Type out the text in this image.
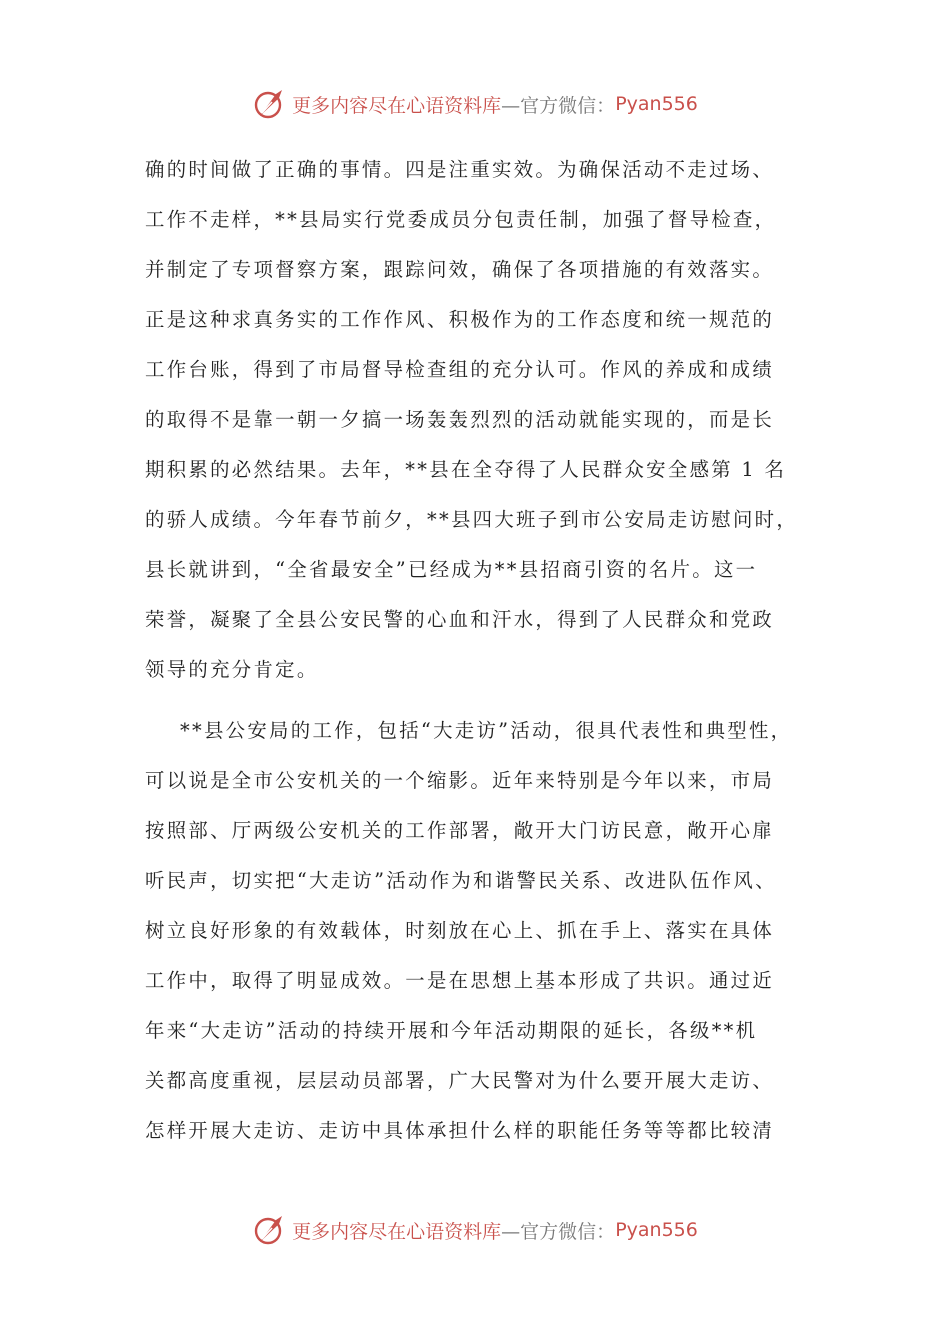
更多内容尽在心语资料库 —官方微信： Pyan556
确的时间做了正确的事情。四是注重实效。为确保活动不走过场、
工作不走样，**县局实行党委成员分包责任制，加强了督导检查，
并制定了专项督察方案，跟踪问效，确保了各项措施的有效落实。
正是这种求真务实的工作作风、积极作为的工作态度和统一规范的
工作台账，得到了市局督导检查组的充分认可。作风的养成和成绩
的取得不是靠一朝一夕搞一场轰轰烈烈的活动就能实现的，而是长
期积累的必然结果。去年，**县在全夺得了人民群众安全感第 1 名
的骄人成绩。今年春节前夕，**县四大班子到市公安局走访慰问时，
县长就讲到，“全省最安全”已经成为**县招商引资的名片。这一
荣誉，凝聚了全县公安民警的心血和汗水，得到了人民群众和党政
领导的充分肯定。
**县公安局的工作，包括“大走访”活动，很具代表性和典型性，
可以说是全市公安机关的一个缩影。近年来特别是今年以来，市局
按照部、厅两级公安机关的工作部署，敞开大门访民意，敞开心扉
听民声，切实把“大走访”活动作为和谐警民关系、改进队伍作风、
树立良好形象的有效载体，时刻放在心上、抓在手上、落实在具体
工作中，取得了明显成效。一是在思想上基本形成了共识。通过近
年来“大走访”活动的持续开展和今年活动期限的延长，各级**机
关都高度重视，层层动员部署，广大民警对为什么要开展大走访、
怎样开展大走访、走访中具体承担什么样的职能任务等等都比较清
更多内容尽在心语资料库 —官方微信： Pyan556
